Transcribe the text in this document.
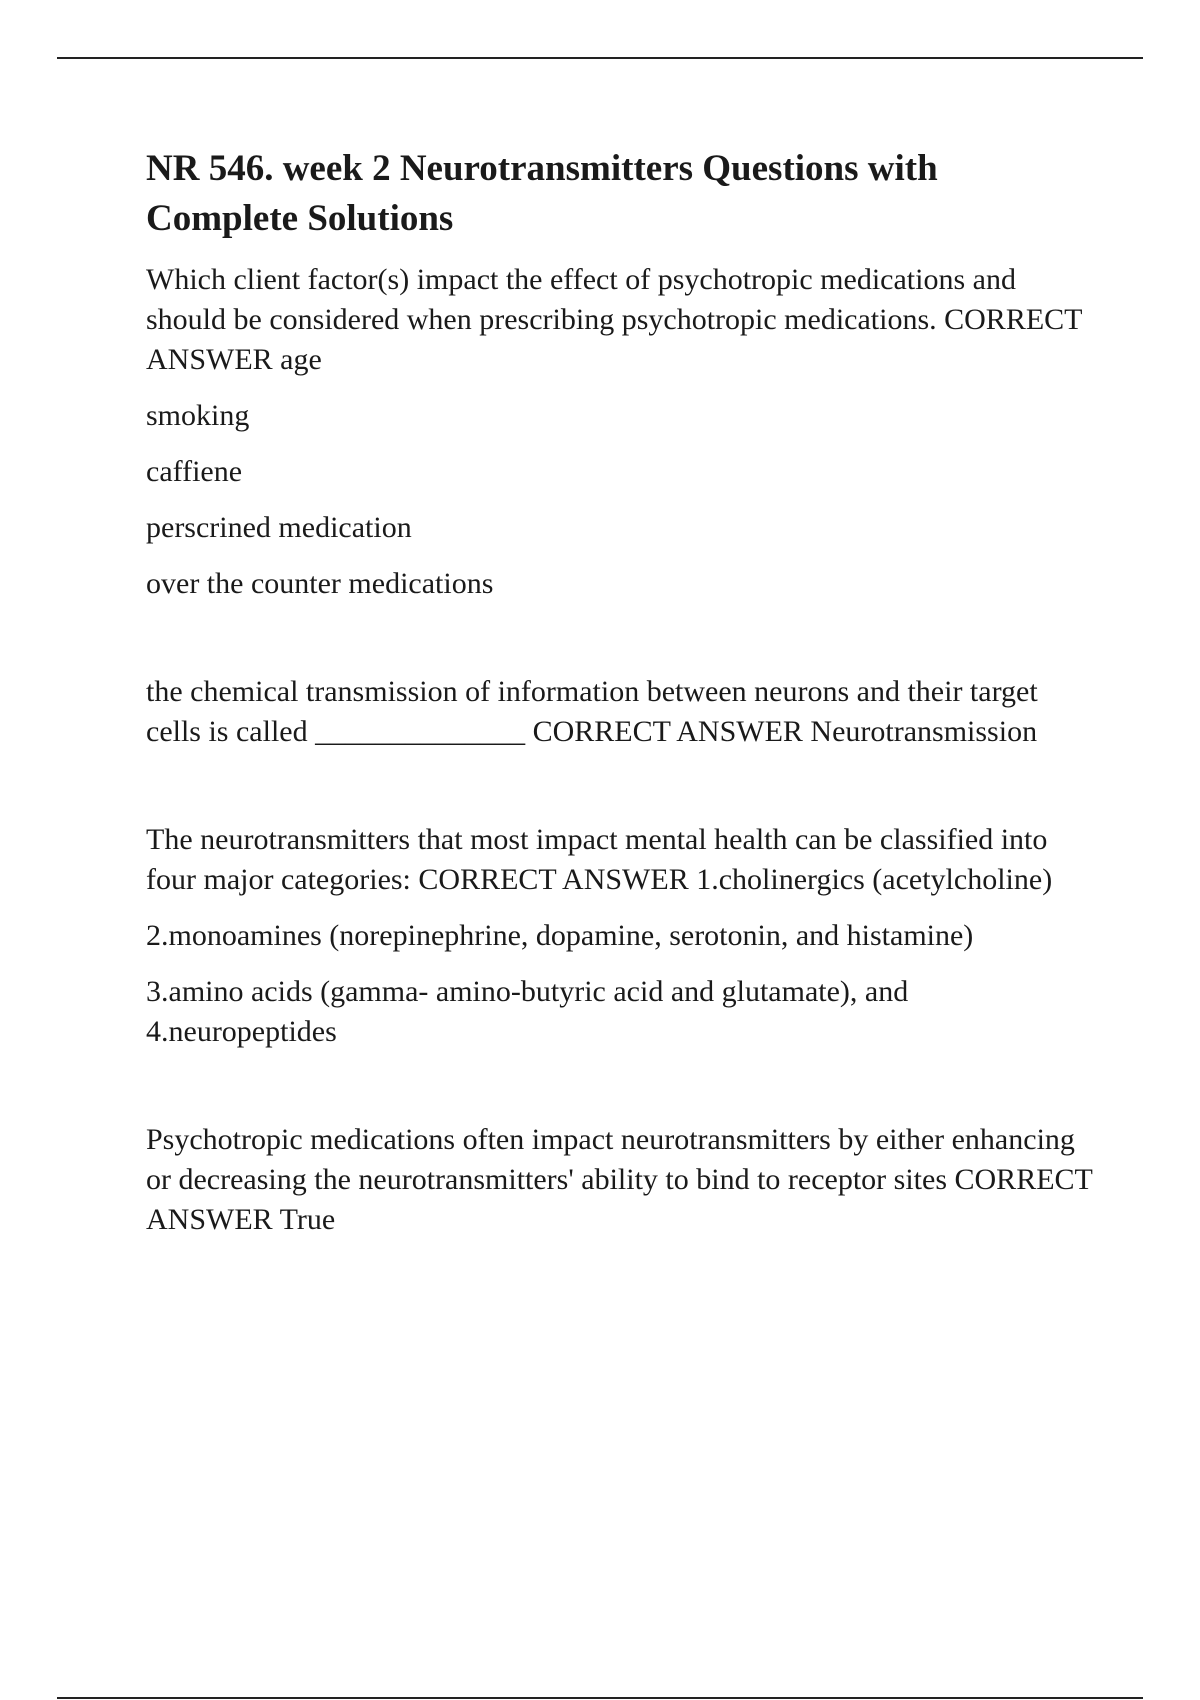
NR 546. week 2 Neurotransmitters Questions with Complete Solutions

Which client factor(s) impact the effect of psychotropic medications and should be considered when prescribing psychotropic medications. CORRECT ANSWER age

smoking

caffiene

perscrined medication

over the counter medications

the chemical transmission of information between neurons and their target cells is called ______________ CORRECT ANSWER Neurotransmission

The neurotransmitters that most impact mental health can be classified into four major categories: CORRECT ANSWER 1.cholinergics (acetylcholine)

2.monoamines (norepinephrine, dopamine, serotonin, and histamine)

3.amino acids (gamma- amino-butyric acid and glutamate), and 4.neuropeptides

Psychotropic medications often impact neurotransmitters by either enhancing or decreasing the neurotransmitters' ability to bind to receptor sites CORRECT ANSWER True
